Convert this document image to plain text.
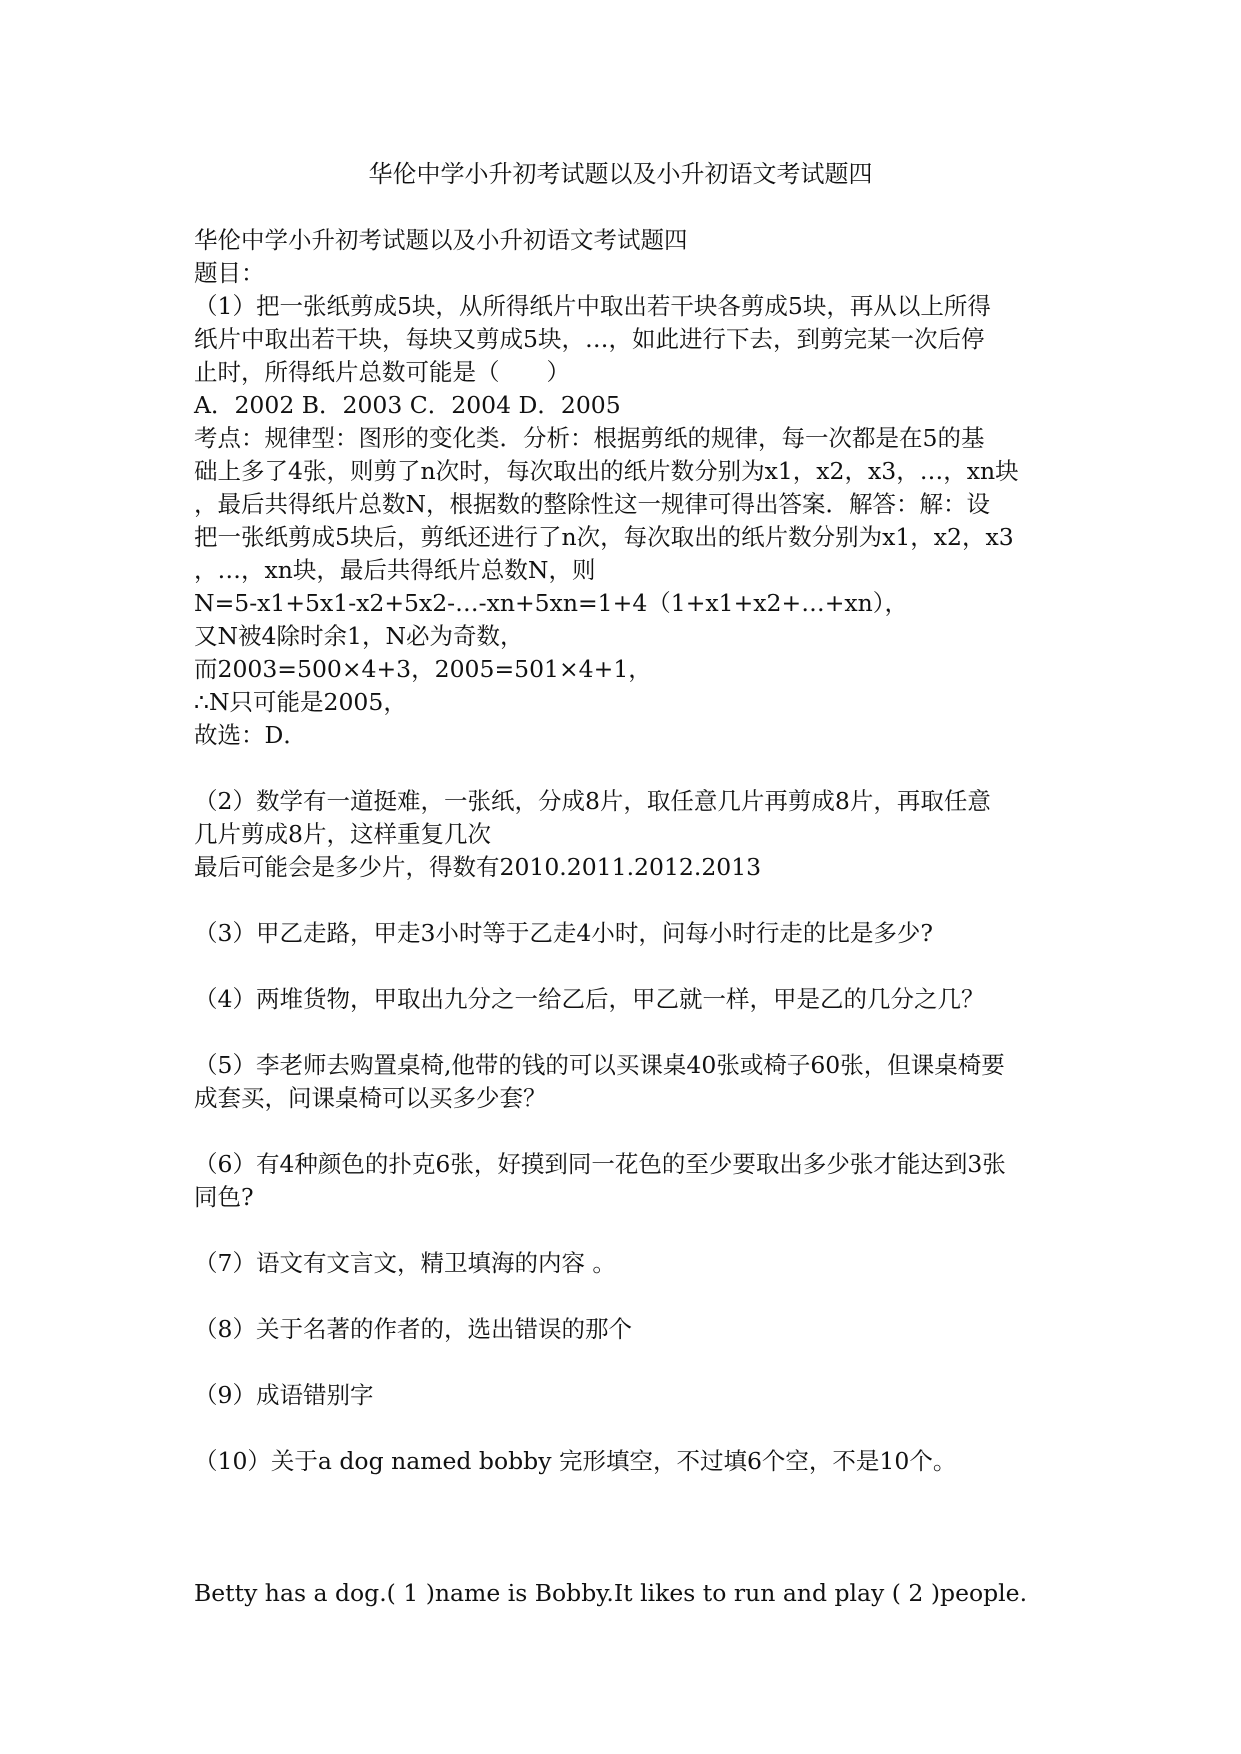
华伦中学小升初考试题以及小升初语文考试题四
华伦中学小升初考试题以及小升初语文考试题四
题目：
（1）把一张纸剪成5块，从所得纸片中取出若干块各剪成5块，再从以上所得
纸片中取出若干块，每块又剪成5块，…，如此进行下去，到剪完某一次后停
止时，所得纸片总数可能是（　　）
A．2002 B．2003 C．2004 D．2005
考点：规律型：图形的变化类．分析：根据剪纸的规律，每一次都是在5的基
础上多了4张，则剪了n次时，每次取出的纸片数分别为x1，x2，x3，…，xn块
，最后共得纸片总数N，根据数的整除性这一规律可得出答案．解答：解：设
把一张纸剪成5块后，剪纸还进行了n次，每次取出的纸片数分别为x1，x2，x3
，…，xn块，最后共得纸片总数N，则
N=5-x1+5x1-x2+5x2-…-xn+5xn=1+4（1+x1+x2+…+xn），
又N被4除时余1，N必为奇数，
而2003=500×4+3，2005=501×4+1，
∴N只可能是2005，
故选：D．
（2）数学有一道挺难，一张纸，分成8片，取任意几片再剪成8片，再取任意
几片剪成8片，这样重复几次
最后可能会是多少片，得数有2010.2011.2012.2013
（3）甲乙走路，甲走3小时等于乙走4小时，问每小时行走的比是多少?
（4）两堆货物，甲取出九分之一给乙后，甲乙就一样，甲是乙的几分之几？
（5）李老师去购置桌椅,他带的钱的可以买课桌40张或椅子60张，但课桌椅要
成套买，问课桌椅可以买多少套？
（6）有4种颜色的扑克6张，好摸到同一花色的至少要取出多少张才能达到3张
同色?
（7）语文有文言文，精卫填海的内容 。
（8）关于名著的作者的，选出错误的那个
（9）成语错别字
（10）关于a dog named bobby 完形填空，不过填6个空，不是10个。
Betty has a dog.( 1 )name is Bobby.It likes to run and play ( 2 )people.
